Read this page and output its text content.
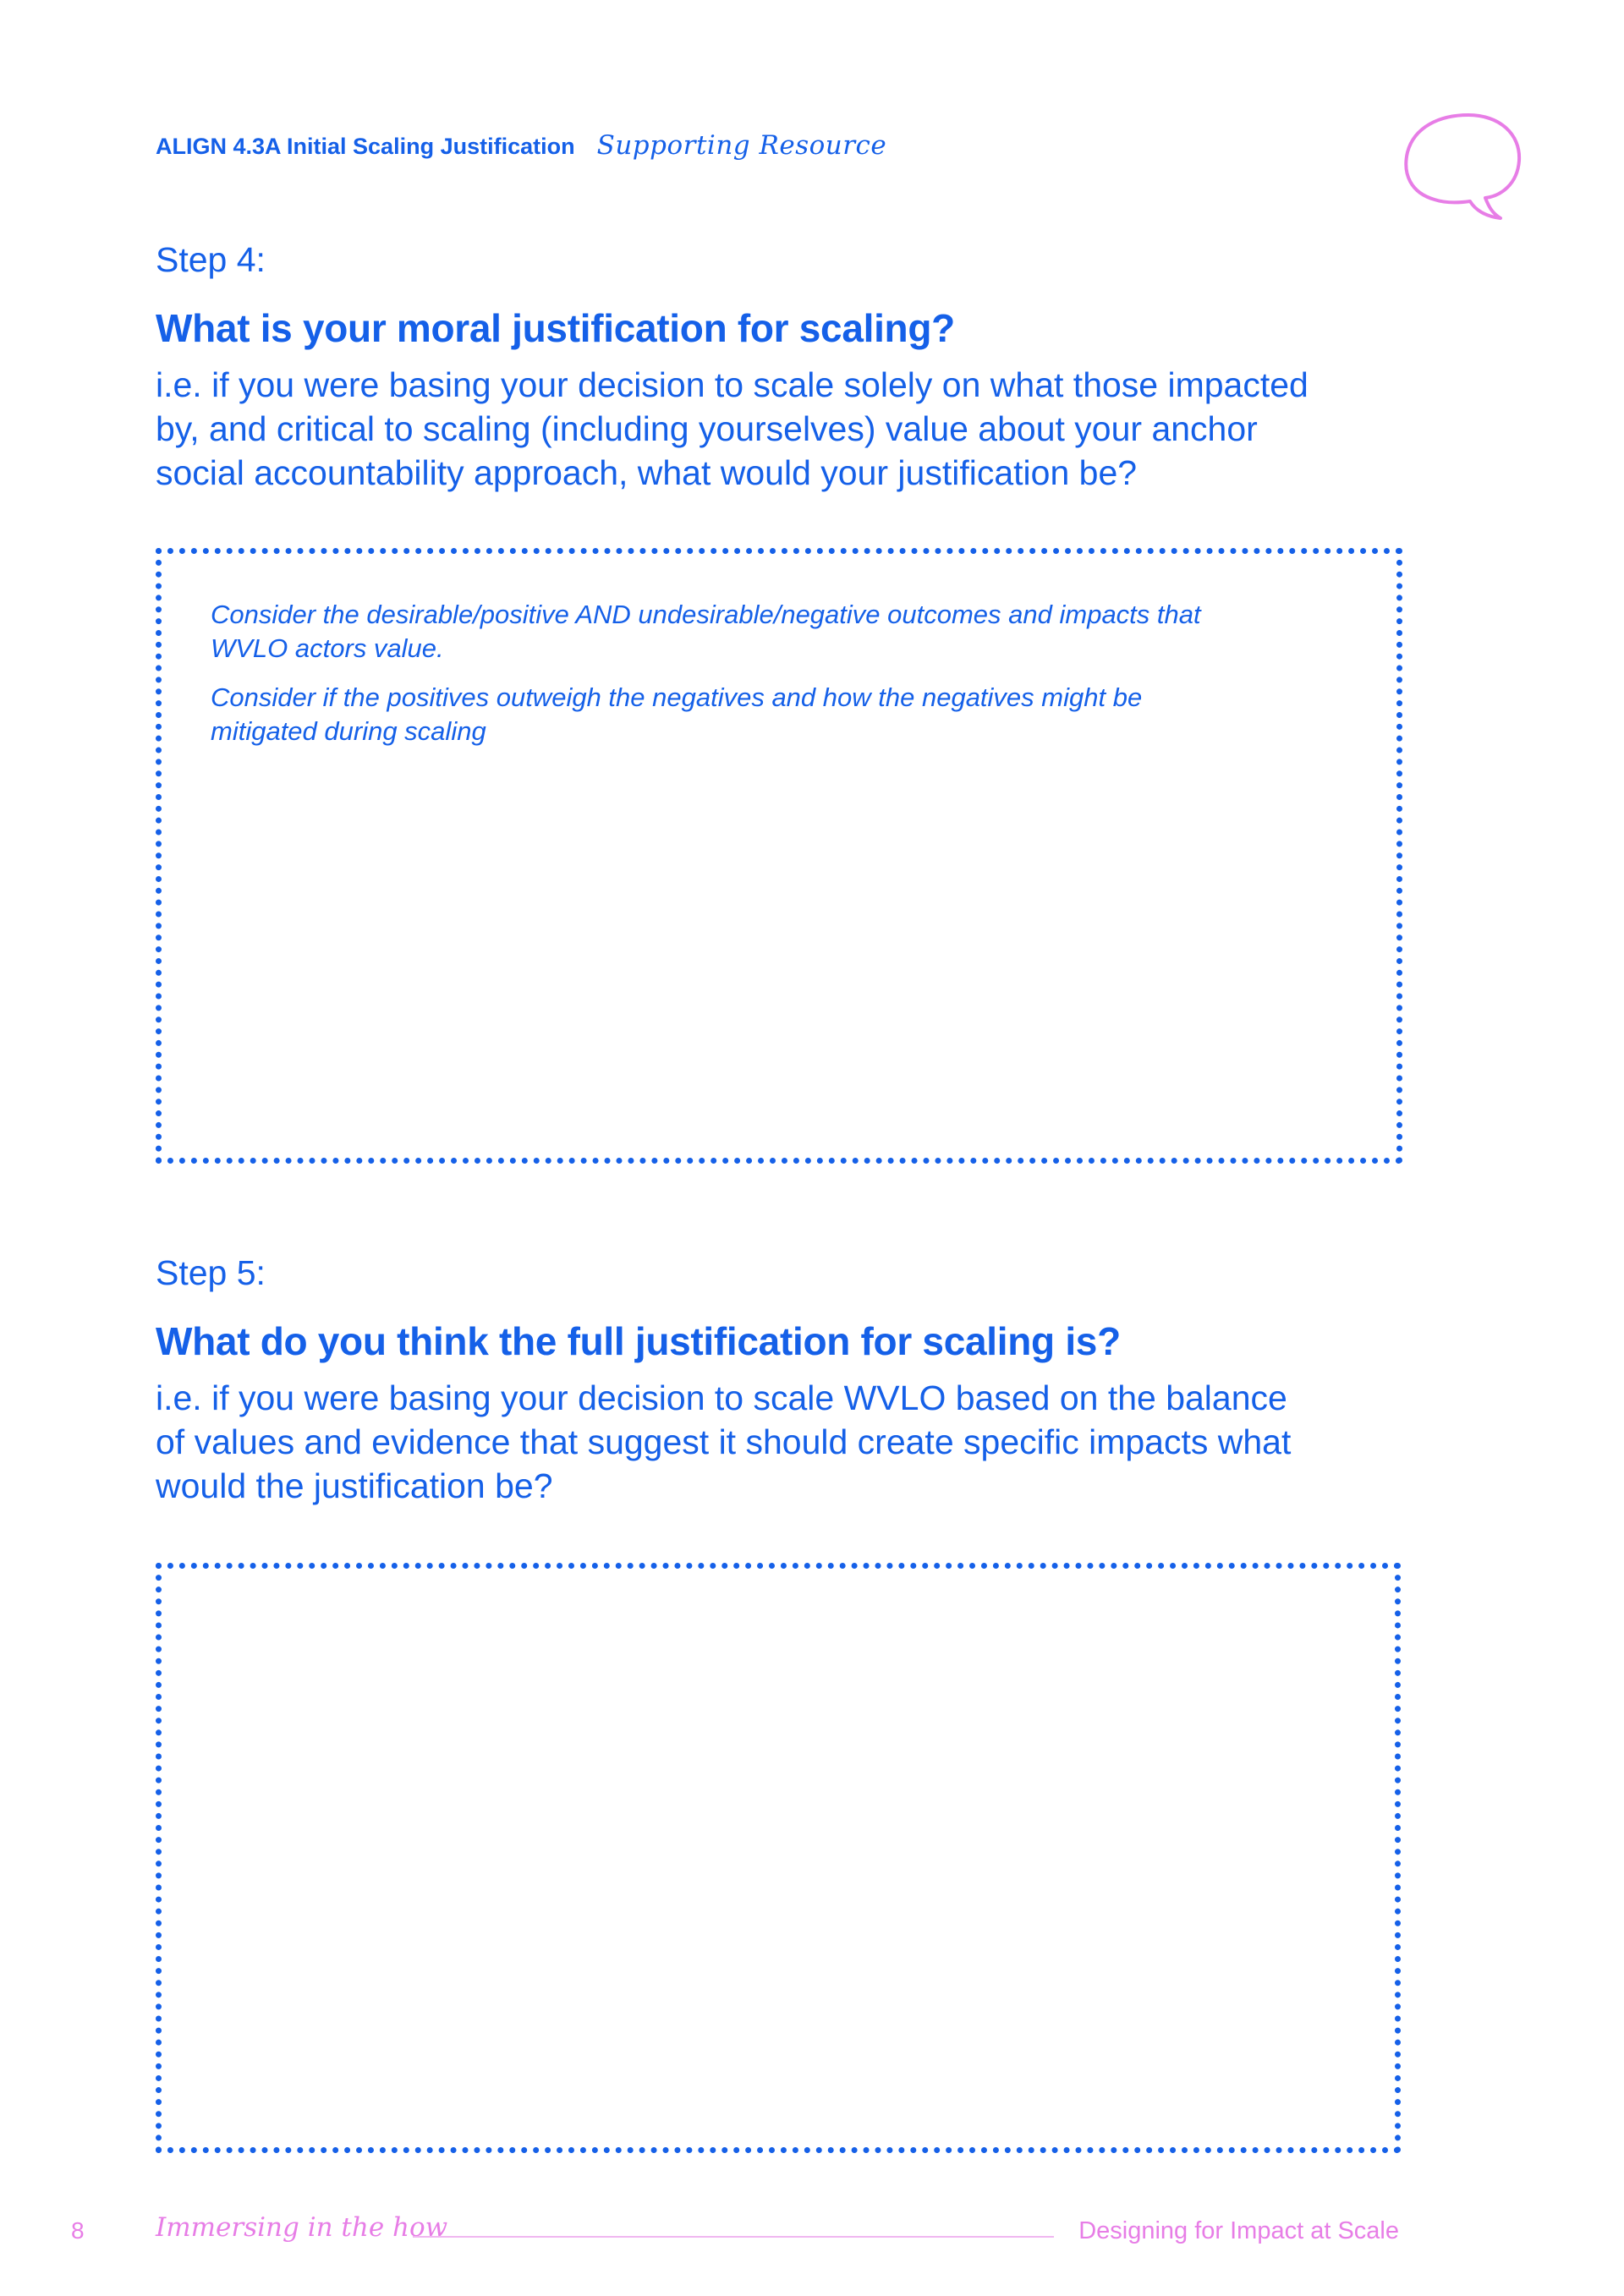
ALIGN 4.3A Initial Scaling Justification Supporting Resource
Step 4:
What is your moral justification for scaling?

i.e. if you were basing your decision to scale solely on what those impacted
by, and critical to scaling (including yourselves) value about your anchor
social accountability approach, what would your justification be?

Consider the desirable/positive AND undesirable/negative outcomes and impacts that
WVLO actors value.

Consider if the positives outweigh the negatives and how the negatives might be
mitigated during scaling

Step 5:
What do you think the full justification for scaling is?

i.e. if you were basing your decision to scale WVLO based on the balance
of values and evidence that suggest it should create specific impacts what
would the justification be?

8	Immersing in the how	Designing for Impact at Scale
